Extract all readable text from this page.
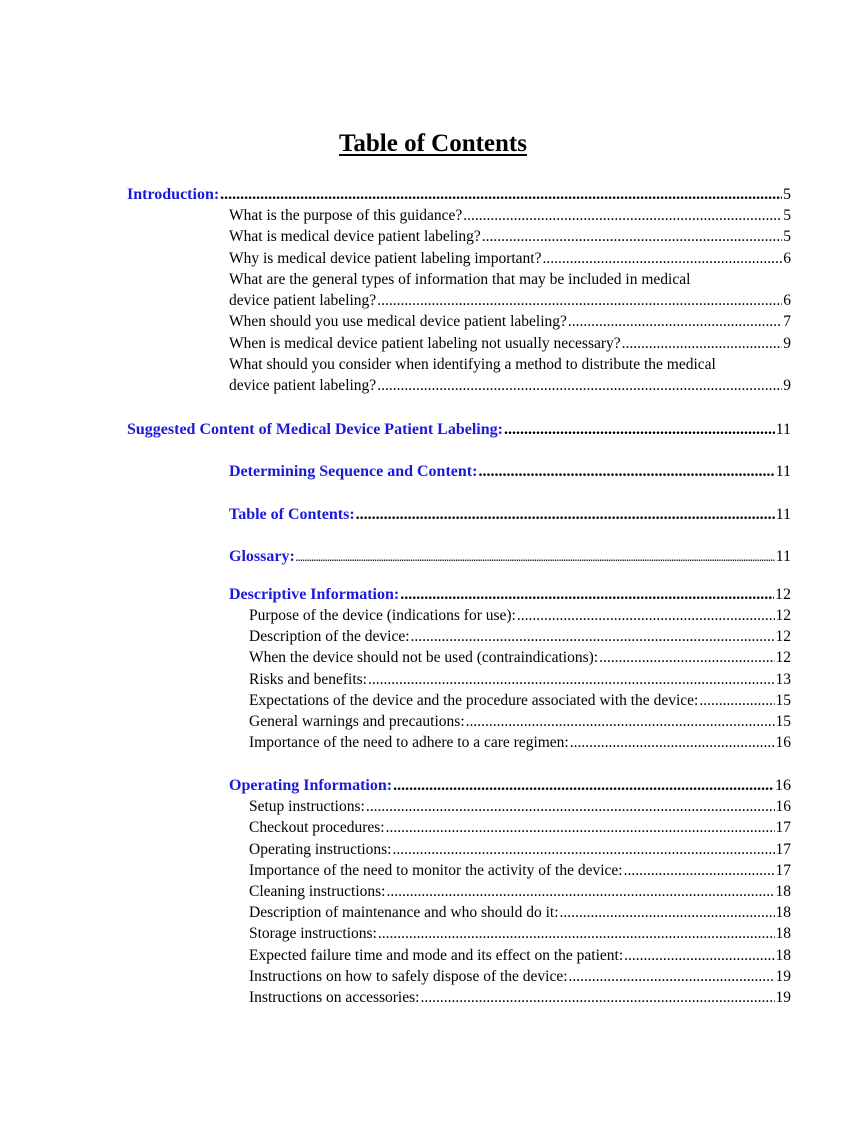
Table of Contents
Introduction: .....	5
What is the purpose of this guidance? .....	5
What is medical device patient labeling? .....	5
Why is medical device patient labeling important? .....	6
What are the general types of information that may be included in medical
device patient labeling? .....	6
When should you use medical device patient labeling? .....	7
When is medical device patient labeling not usually necessary? .....	9
What should you consider when identifying a method to distribute the medical
device patient labeling? .....	9
Suggested Content of Medical Device Patient Labeling: .....	11
Determining Sequence and Content: .....	11
Table of Contents: .....	11
Glossary: .....	11
Descriptive Information: .....	12
Purpose of the device (indications for use): .....	12
Description of the device: .....	12
When the device should not be used (contraindications): .....	12
Risks and benefits: .....	13
Expectations of the device and the procedure associated with the device: .....	15
General warnings and precautions: .....	15
Importance of the need to adhere to a care regimen: .....	16
Operating Information: .....	16
Setup instructions: .....	16
Checkout procedures: .....	17
Operating instructions: .....	17
Importance of the need to monitor the activity of the device: .....	17
Cleaning instructions: .....	18
Description of maintenance and who should do it: .....	18
Storage instructions: .....	18
Expected failure time and mode and its effect on the patient: .....	18
Instructions on how to safely dispose of the device: .....	19
Instructions on accessories: .....	19
